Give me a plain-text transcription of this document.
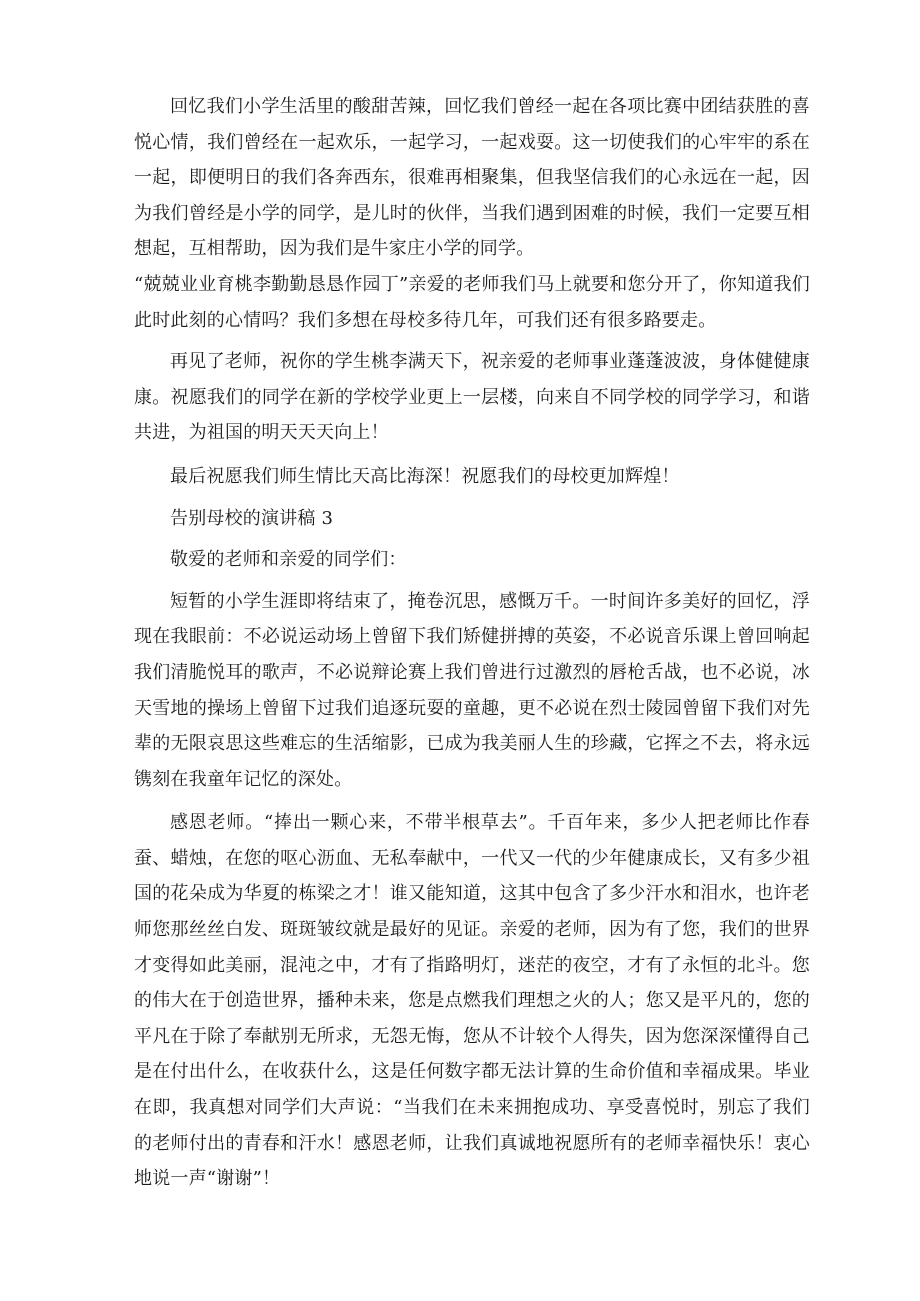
回忆我们小学生活里的酸甜苦辣，回忆我们曾经一起在各项比赛中团结获胜的喜悦心情，我们曾经在一起欢乐，一起学习，一起戏耍。这一切使我们的心牢牢的系在一起，即便明日的我们各奔西东，很难再相聚集，但我坚信我们的心永远在一起，因为我们曾经是小学的同学，是儿时的伙伴，当我们遇到困难的时候，我们一定要互相想起，互相帮助，因为我们是牛家庄小学的同学。

“兢兢业业育桃李勤勤恳恳作园丁”亲爱的老师我们马上就要和您分开了，你知道我们此时此刻的心情吗？我们多想在母校多待几年，可我们还有很多路要走。

再见了老师，祝你的学生桃李满天下，祝亲爱的老师事业蓬蓬波波，身体健健康康。祝愿我们的同学在新的学校学业更上一层楼，向来自不同学校的同学学习，和谐共进，为祖国的明天天天向上！

最后祝愿我们师生情比天高比海深！祝愿我们的母校更加辉煌！

告别母校的演讲稿 3

敬爱的老师和亲爱的同学们：

短暂的小学生涯即将结束了，掩卷沉思，感慨万千。一时间许多美好的回忆，浮现在我眼前：不必说运动场上曾留下我们矫健拼搏的英姿，不必说音乐课上曾回响起我们清脆悦耳的歌声，不必说辩论赛上我们曾进行过激烈的唇枪舌战，也不必说，冰天雪地的操场上曾留下过我们追逐玩耍的童趣，更不必说在烈士陵园曾留下我们对先辈的无限哀思这些难忘的生活缩影，已成为我美丽人生的珍藏，它挥之不去，将永远镌刻在我童年记忆的深处。

感恩老师。“捧出一颗心来，不带半根草去”。千百年来，多少人把老师比作春蚕、蜡烛，在您的呕心沥血、无私奉献中，一代又一代的少年健康成长，又有多少祖国的花朵成为华夏的栋梁之才！谁又能知道，这其中包含了多少汗水和泪水，也许老师您那丝丝白发、斑斑皱纹就是最好的见证。亲爱的老师，因为有了您，我们的世界才变得如此美丽，混沌之中，才有了指路明灯，迷茫的夜空，才有了永恒的北斗。您的伟大在于创造世界，播种未来，您是点燃我们理想之火的人；您又是平凡的，您的平凡在于除了奉献别无所求，无怨无悔，您从不计较个人得失，因为您深深懂得自己是在付出什么，在收获什么，这是任何数字都无法计算的生命价值和幸福成果。毕业在即，我真想对同学们大声说：“当我们在未来拥抱成功、享受喜悦时，别忘了我们的老师付出的青春和汗水！感恩老师，让我们真诚地祝愿所有的老师幸福快乐！衷心地说一声“谢谢”！
